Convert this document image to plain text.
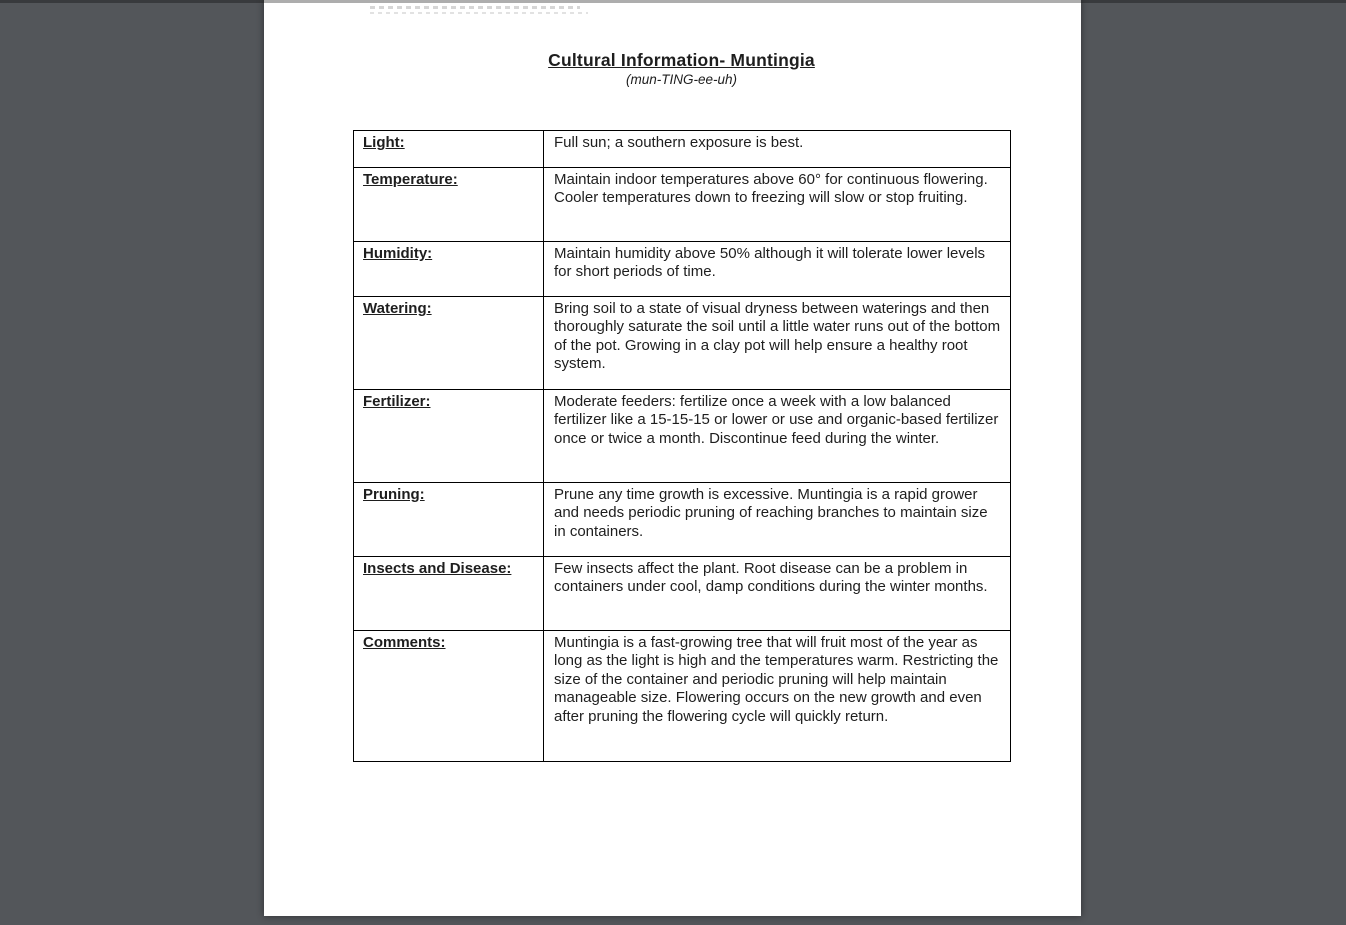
Cultural Information- Muntingia
(mun-TING-ee-uh)
Light:	Full sun; a southern exposure is best.
Temperature:	Maintain indoor temperatures above 60° for continuous flowering. Cooler temperatures down to freezing will slow or stop fruiting.
Humidity:	Maintain humidity above 50% although it will tolerate lower levels for short periods of time.
Watering:	Bring soil to a state of visual dryness between waterings and then thoroughly saturate the soil until a little water runs out of the bottom of the pot. Growing in a clay pot will help ensure a healthy root system.
Fertilizer:	Moderate feeders: fertilize once a week with a low balanced fertilizer like a 15-15-15 or lower or use and organic-based fertilizer once or twice a month. Discontinue feed during the winter.
Pruning:	Prune any time growth is excessive. Muntingia is a rapid grower and needs periodic pruning of reaching branches to maintain size in containers.
Insects and Disease:	Few insects affect the plant. Root disease can be a problem in containers under cool, damp conditions during the winter months.
Comments:	Muntingia is a fast-growing tree that will fruit most of the year as long as the light is high and the temperatures warm. Restricting the size of the container and periodic pruning will help maintain manageable size. Flowering occurs on the new growth and even after pruning the flowering cycle will quickly return.
